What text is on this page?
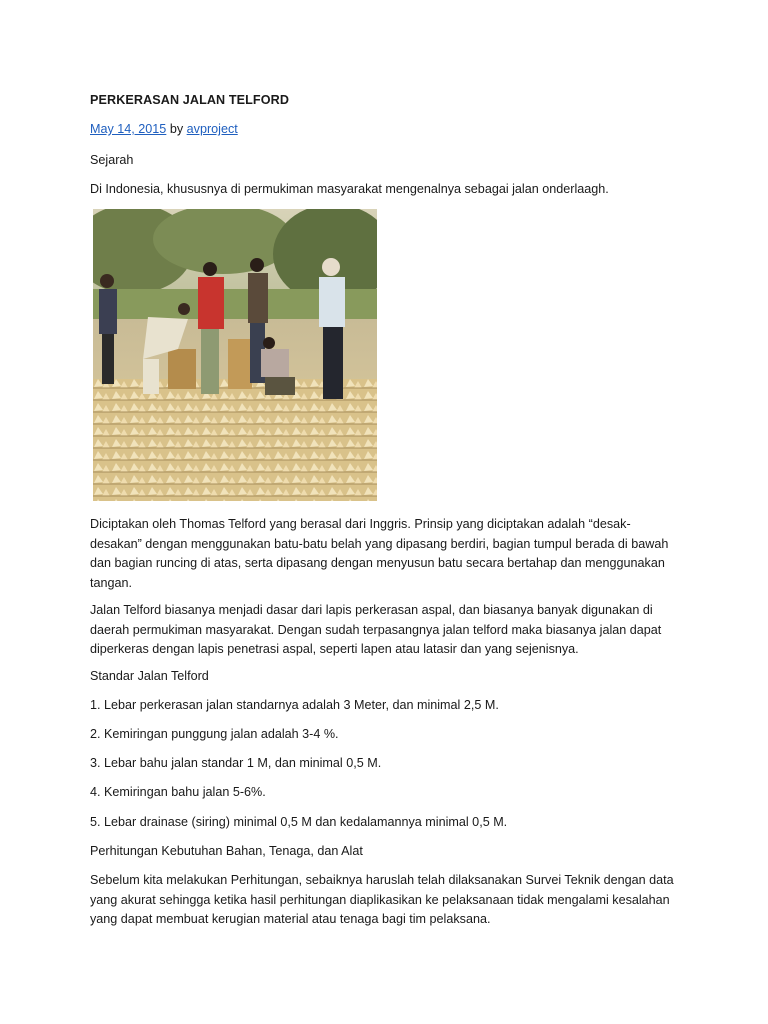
PERKERASAN JALAN TELFORD
May 14, 2015 by avproject

Sejarah

Di Indonesia, khususnya di permukiman masyarakat mengenalnya sebagai jalan onderlaagh.

Diciptakan oleh Thomas Telford yang berasal dari Inggris. Prinsip yang diciptakan adalah “desak-desakan” dengan menggunakan batu-batu belah yang dipasang berdiri, bagian tumpul berada di bawah dan bagian runcing di atas, serta dipasang dengan menyusun batu secara bertahap dan menggunakan tangan.

Jalan Telford biasanya menjadi dasar dari lapis perkerasan aspal, dan biasanya banyak digunakan di daerah permukiman masyarakat. Dengan sudah terpasangnya jalan telford maka biasanya jalan dapat diperkeras dengan lapis penetrasi aspal, seperti lapen atau latasir dan yang sejenisnya.

Standar Jalan Telford

1. Lebar perkerasan jalan standarnya adalah 3 Meter, dan minimal 2,5 M.

2. Kemiringan punggung jalan adalah 3-4 %.

3. Lebar bahu jalan standar 1 M, dan minimal 0,5 M.

4. Kemiringan bahu jalan 5-6%.

5. Lebar drainase (siring) minimal 0,5 M dan kedalamannya minimal 0,5 M.

Perhitungan Kebutuhan Bahan, Tenaga, dan Alat

Sebelum kita melakukan Perhitungan, sebaiknya haruslah telah dilaksanakan Survei Teknik dengan data yang akurat sehingga ketika hasil perhitungan diaplikasikan ke pelaksanaan tidak mengalami kesalahan yang dapat membuat kerugian material atau tenaga bagi tim pelaksana.
